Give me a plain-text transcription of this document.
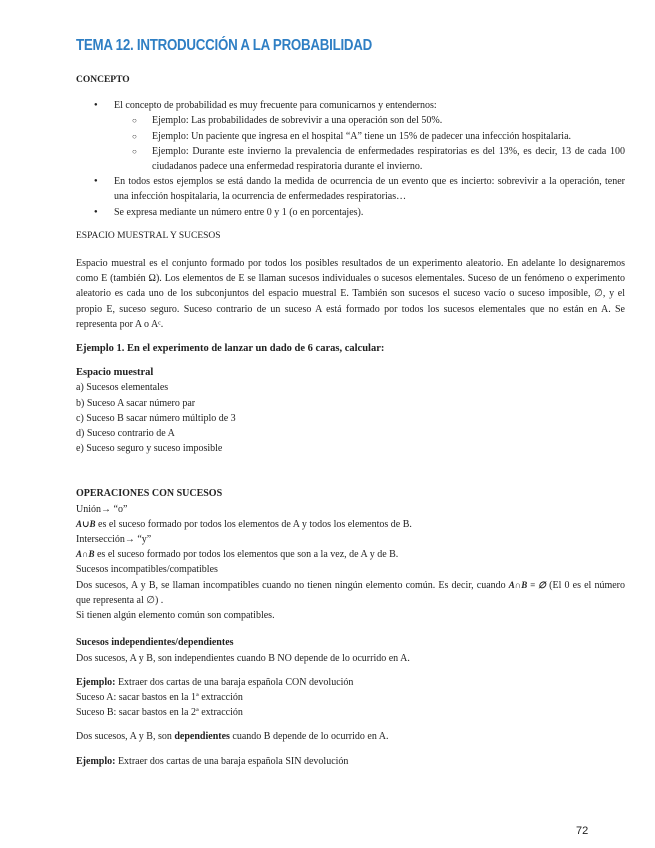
TEMA 12. INTRODUCCIÓN A LA PROBABILIDAD

CONCEPTO

● El concepto de probabilidad es muy frecuente para comunicarnos y entendernos:
○ Ejemplo: Las probabilidades de sobrevivir a una operación son del 50%.
○ Ejemplo: Un paciente que ingresa en el hospital “A” tiene un 15% de padecer una infección hospitalaria.
○ Ejemplo: Durante este invierno la prevalencia de enfermedades respiratorias es del 13%, es decir, 13 de cada 100 ciudadanos padece una enfermedad respiratoria durante el invierno.
● En todos estos ejemplos se está dando la medida de ocurrencia de un evento que es incierto: sobrevivir a la operación, tener una infección hospitalaria, la ocurrencia de enfermedades respiratorias…
● Se expresa mediante un número entre 0 y 1 (o en porcentajes).

ESPACIO MUESTRAL Y SUCESOS

Espacio muestral es el conjunto formado por todos los posibles resultados de un experimento aleatorio. En adelante lo designaremos como E (también Ω). Los elementos de E se llaman sucesos individuales o sucesos elementales. Suceso de un fenómeno o experimento aleatorio es cada uno de los subconjuntos del espacio muestral E. También son sucesos el suceso vacío o suceso imposible, ∅, y el propio E, suceso seguro. Suceso contrario de un suceso A está formado por todos los sucesos elementales que no están en A. Se representa por A o Aᶜ.

Ejemplo 1. En el experimento de lanzar un dado de 6 caras, calcular:

Espacio muestral

a) Sucesos elementales

b) Suceso A sacar número par

c) Suceso B sacar número múltiplo de 3

d) Suceso contrario de A

e) Suceso seguro y suceso imposible

OPERACIONES CON SUCESOS

Unión→ “o”

A∪B es el suceso formado por todos los elementos de A y todos los elementos de B.

Intersección→ “y”

A∩B es el suceso formado por todos los elementos que son a la vez, de A y de B.

Sucesos incompatibles/compatibles

Dos sucesos, A y B, se llaman incompatibles cuando no tienen ningún elemento común. Es decir, cuando A∩B = ∅ (El 0 es el número que representa al ∅) .

Si tienen algún elemento común son compatibles.

Sucesos independientes/dependientes

Dos sucesos, A y B, son independientes cuando B NO depende de lo ocurrido en A.

Ejemplo: Extraer dos cartas de una baraja española CON devolución

Suceso A: sacar bastos en la 1ª extracción

Suceso B: sacar bastos en la 2ª extracción

Dos sucesos, A y B, son dependientes cuando B depende de lo ocurrido en A.

Ejemplo: Extraer dos cartas de una baraja española SIN devolución

72
